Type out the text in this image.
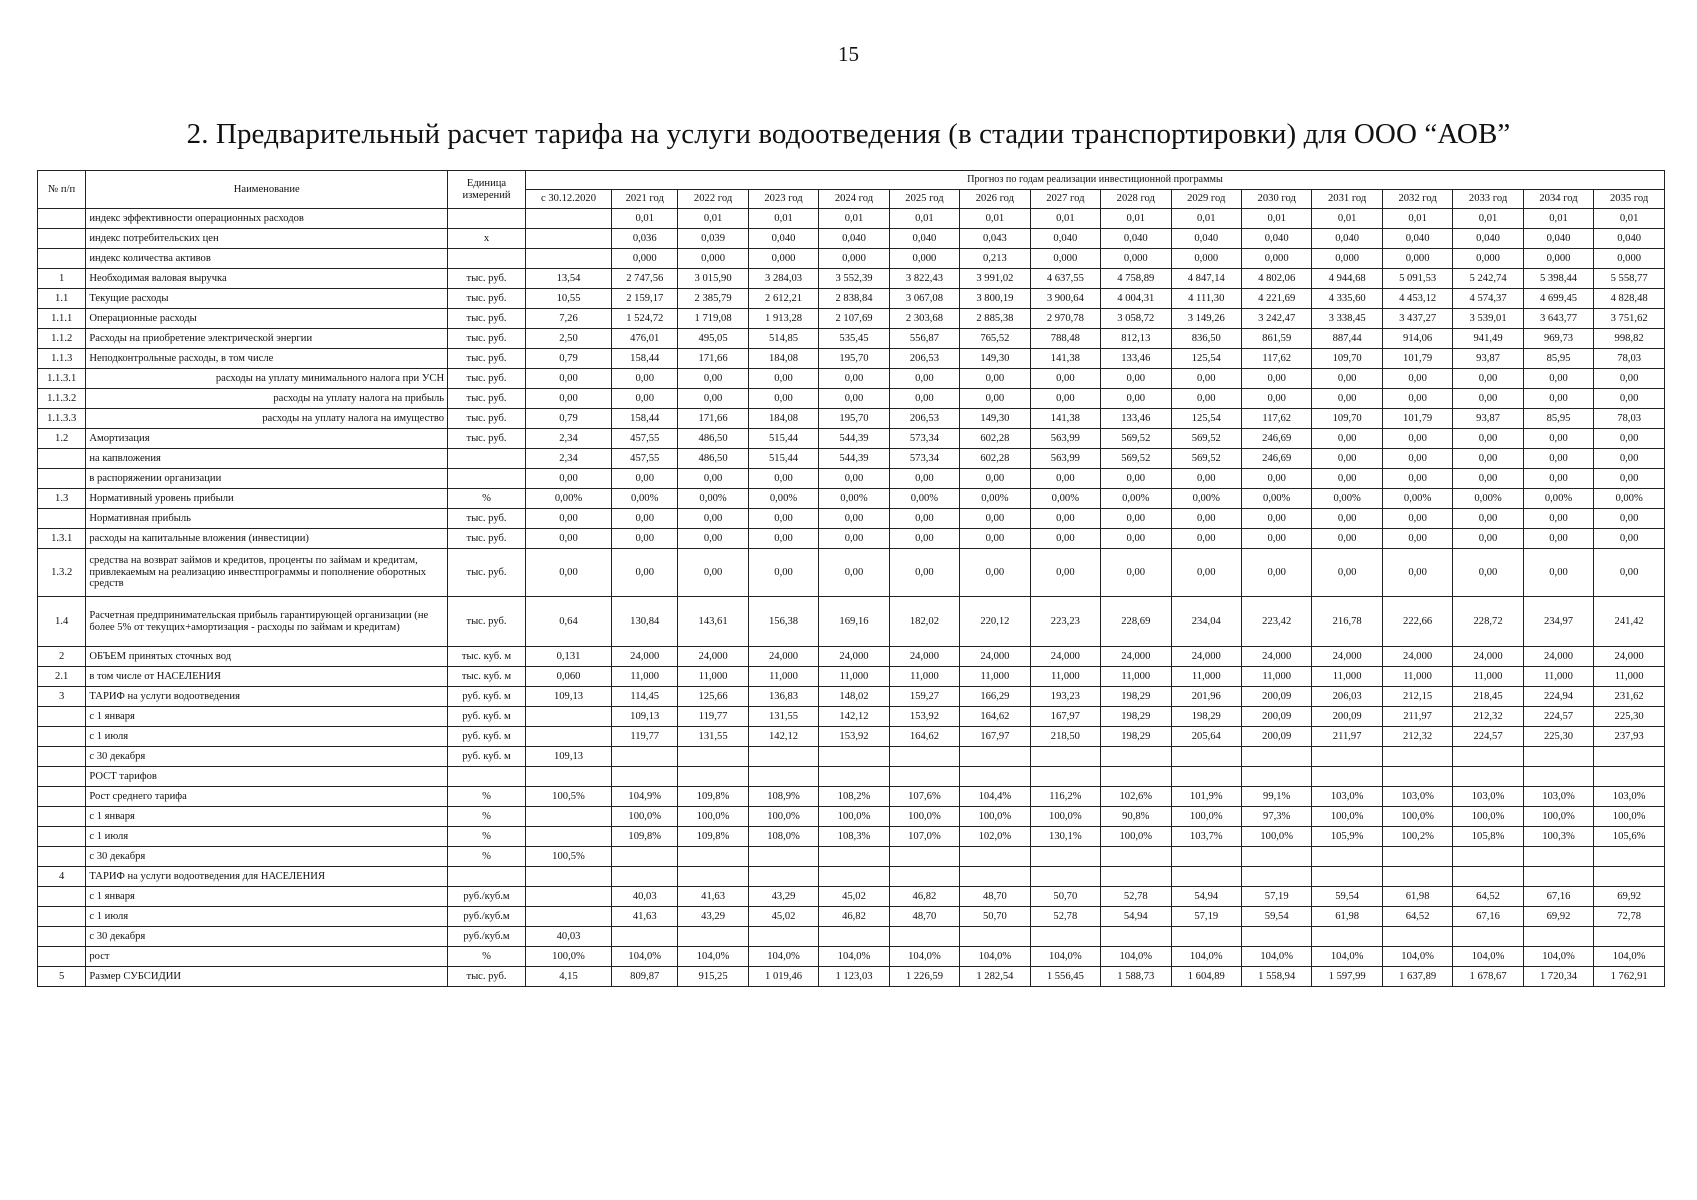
15
2. Предварительный расчет тарифа на услуги водоотведения (в стадии транспортировки) для ООО “АОВ”
№ п/п	Наименование	Единица измерений	Прогноз по годам реализации инвестиционной программы															
			с 30.12.2020	2021 год	2022 год	2023 год	2024 год	2025 год	2026 год	2027 год	2028 год	2029 год	2030 год	2031 год	2032 год	2033 год	2034 год	2035 год
	индекс эффективности операционных расходов			0,01	0,01	0,01	0,01	0,01	0,01	0,01	0,01	0,01	0,01	0,01	0,01	0,01	0,01	0,01
	индекс потребительских цен	x		0,036	0,039	0,040	0,040	0,040	0,043	0,040	0,040	0,040	0,040	0,040	0,040	0,040	0,040	0,040
	индекс количества активов			0,000	0,000	0,000	0,000	0,000	0,213	0,000	0,000	0,000	0,000	0,000	0,000	0,000	0,000	0,000
1	Необходимая валовая выручка	тыс. руб.	13,54	2 747,56	3 015,90	3 284,03	3 552,39	3 822,43	3 991,02	4 637,55	4 758,89	4 847,14	4 802,06	4 944,68	5 091,53	5 242,74	5 398,44	5 558,77
1.1	Текущие расходы	тыс. руб.	10,55	2 159,17	2 385,79	2 612,21	2 838,84	3 067,08	3 800,19	3 900,64	4 004,31	4 111,30	4 221,69	4 335,60	4 453,12	4 574,37	4 699,45	4 828,48
1.1.1	Операционные расходы	тыс. руб.	7,26	1 524,72	1 719,08	1 913,28	2 107,69	2 303,68	2 885,38	2 970,78	3 058,72	3 149,26	3 242,47	3 338,45	3 437,27	3 539,01	3 643,77	3 751,62
1.1.2	Расходы на приобретение электрической энергии	тыс. руб.	2,50	476,01	495,05	514,85	535,45	556,87	765,52	788,48	812,13	836,50	861,59	887,44	914,06	941,49	969,73	998,82
1.1.3	Неподконтрольные расходы, в том числе	тыс. руб.	0,79	158,44	171,66	184,08	195,70	206,53	149,30	141,38	133,46	125,54	117,62	109,70	101,79	93,87	85,95	78,03
1.1.3.1	расходы на уплату минимального налога при УСН	тыс. руб.	0,00	0,00	0,00	0,00	0,00	0,00	0,00	0,00	0,00	0,00	0,00	0,00	0,00	0,00	0,00	0,00
1.1.3.2	расходы на уплату налога на прибыль	тыс. руб.	0,00	0,00	0,00	0,00	0,00	0,00	0,00	0,00	0,00	0,00	0,00	0,00	0,00	0,00	0,00	0,00
1.1.3.3	расходы на уплату налога на имущество	тыс. руб.	0,79	158,44	171,66	184,08	195,70	206,53	149,30	141,38	133,46	125,54	117,62	109,70	101,79	93,87	85,95	78,03
1.2	Амортизация	тыс. руб.	2,34	457,55	486,50	515,44	544,39	573,34	602,28	563,99	569,52	569,52	246,69	0,00	0,00	0,00	0,00	0,00
	на капвложения		2,34	457,55	486,50	515,44	544,39	573,34	602,28	563,99	569,52	569,52	246,69	0,00	0,00	0,00	0,00	0,00
	в распоряжении организации		0,00	0,00	0,00	0,00	0,00	0,00	0,00	0,00	0,00	0,00	0,00	0,00	0,00	0,00	0,00	0,00
1.3	Нормативный уровень прибыли	%	0,00%	0,00%	0,00%	0,00%	0,00%	0,00%	0,00%	0,00%	0,00%	0,00%	0,00%	0,00%	0,00%	0,00%	0,00%	0,00%
	Нормативная прибыль	тыс. руб.	0,00	0,00	0,00	0,00	0,00	0,00	0,00	0,00	0,00	0,00	0,00	0,00	0,00	0,00	0,00	0,00
1.3.1	расходы на капитальные вложения (инвестиции)	тыс. руб.	0,00	0,00	0,00	0,00	0,00	0,00	0,00	0,00	0,00	0,00	0,00	0,00	0,00	0,00	0,00	0,00
1.3.2	средства на возврат займов и кредитов, проценты по займам и кредитам, привлекаемым на реализацию инвестпрограммы и пополнение оборотных средств	тыс. руб.	0,00	0,00	0,00	0,00	0,00	0,00	0,00	0,00	0,00	0,00	0,00	0,00	0,00	0,00	0,00	0,00
1.4	Расчетная предпринимательская прибыль гарантирующей организации (не более 5% от текущих+амортизация - расходы по займам и кредитам)	тыс. руб.	0,64	130,84	143,61	156,38	169,16	182,02	220,12	223,23	228,69	234,04	223,42	216,78	222,66	228,72	234,97	241,42
2	ОБЪЕМ принятых сточных вод	тыс. куб. м	0,131	24,000	24,000	24,000	24,000	24,000	24,000	24,000	24,000	24,000	24,000	24,000	24,000	24,000	24,000	24,000
2.1	в том числе от НАСЕЛЕНИЯ	тыс. куб. м	0,060	11,000	11,000	11,000	11,000	11,000	11,000	11,000	11,000	11,000	11,000	11,000	11,000	11,000	11,000	11,000
3	ТАРИФ на услуги водоотведения	руб. куб. м	109,13	114,45	125,66	136,83	148,02	159,27	166,29	193,23	198,29	201,96	200,09	206,03	212,15	218,45	224,94	231,62
	с 1 января	руб. куб. м		109,13	119,77	131,55	142,12	153,92	164,62	167,97	198,29	198,29	200,09	200,09	211,97	212,32	224,57	225,30
	с 1 июля	руб. куб. м		119,77	131,55	142,12	153,92	164,62	167,97	218,50	198,29	205,64	200,09	211,97	212,32	224,57	225,30	237,93
	с 30 декабря	руб. куб. м	109,13															
	РОСТ тарифов																	
	Рост среднего тарифа	%	100,5%	104,9%	109,8%	108,9%	108,2%	107,6%	104,4%	116,2%	102,6%	101,9%	99,1%	103,0%	103,0%	103,0%	103,0%	103,0%
	с 1 января	%		100,0%	100,0%	100,0%	100,0%	100,0%	100,0%	100,0%	90,8%	100,0%	97,3%	100,0%	100,0%	100,0%	100,0%	100,0%
	с 1 июля	%		109,8%	109,8%	108,0%	108,3%	107,0%	102,0%	130,1%	100,0%	103,7%	100,0%	105,9%	100,2%	105,8%	100,3%	105,6%
	с 30 декабря	%	100,5%															
4	ТАРИФ на услуги водоотведения для НАСЕЛЕНИЯ																	
	с 1 января	руб./куб.м		40,03	41,63	43,29	45,02	46,82	48,70	50,70	52,78	54,94	57,19	59,54	61,98	64,52	67,16	69,92
	с 1 июля	руб./куб.м		41,63	43,29	45,02	46,82	48,70	50,70	52,78	54,94	57,19	59,54	61,98	64,52	67,16	69,92	72,78
	с 30 декабря	руб./куб.м	40,03															
	рост	%	100,0%	104,0%	104,0%	104,0%	104,0%	104,0%	104,0%	104,0%	104,0%	104,0%	104,0%	104,0%	104,0%	104,0%	104,0%	104,0%
5	Размер СУБСИДИИ	тыс. руб.	4,15	809,87	915,25	1 019,46	1 123,03	1 226,59	1 282,54	1 556,45	1 588,73	1 604,89	1 558,94	1 597,99	1 637,89	1 678,67	1 720,34	1 762,91
